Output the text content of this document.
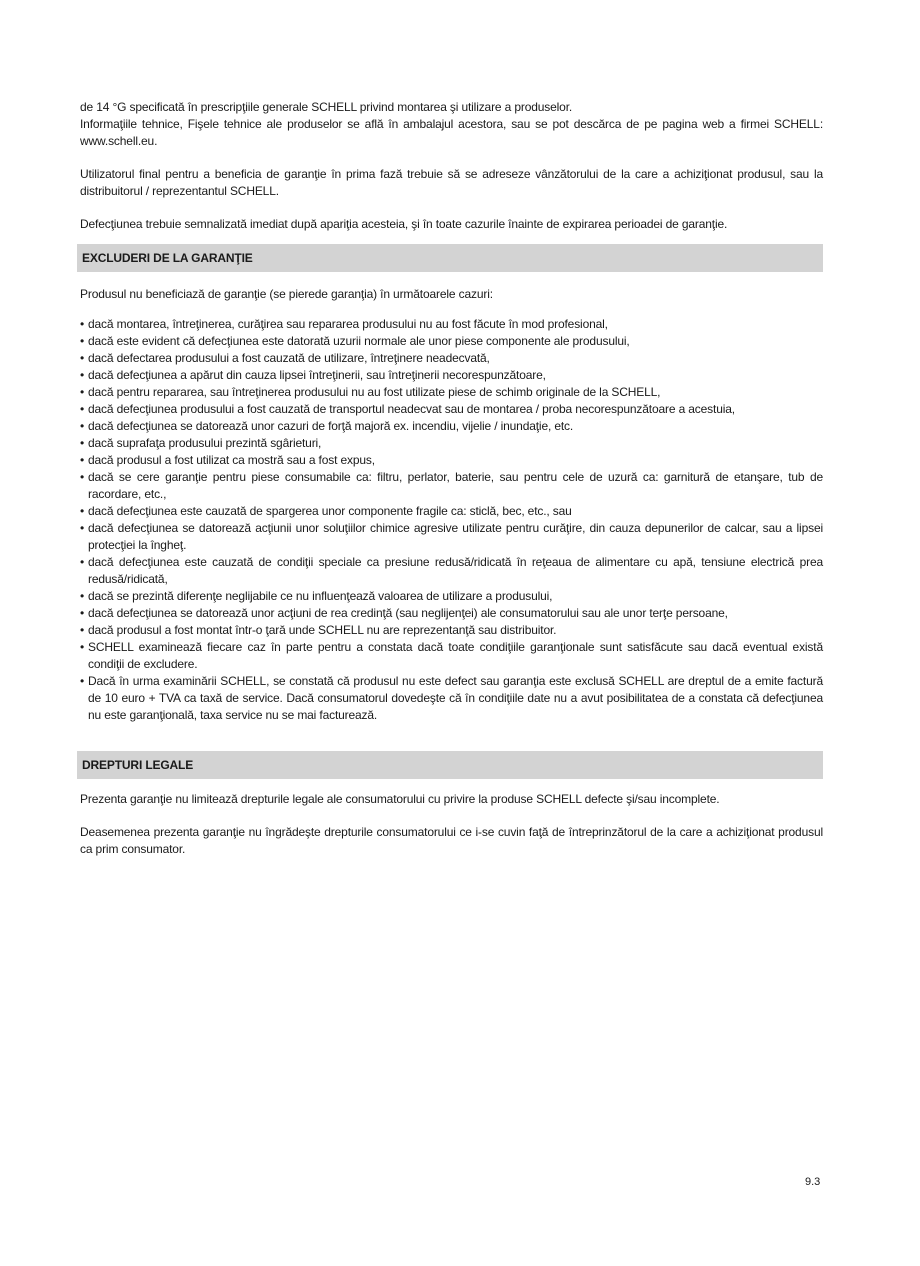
de 14 °G specificată în prescripţiile generale SCHELL privind montarea şi utilizare a produselor.

Informaţiile tehnice, Fişele tehnice ale produselor se află în ambalajul acestora, sau se pot descărca de pe pagina web a firmei SCHELL: www.schell.eu.

Utilizatorul final pentru a beneficia de garanţie în prima fază trebuie să se adreseze vânzătorului de la care a achiziţionat produsul, sau la distribuitorul / reprezentantul SCHELL.

Defecţiunea trebuie semnalizată imediat după apariţia acesteia, şi în toate cazurile înainte de expirarea perioadei de garanţie.

EXCLUDERI DE LA GARANŢIE

Produsul nu beneficiază de garanţie (se pierede garanţia) în următoarele cazuri:

• dacă montarea, întreţinerea, curăţirea sau repararea produsului nu au fost făcute în mod profesional,
• dacă este evident că defecţiunea este datorată uzurii normale ale unor piese componente ale produsului,
• dacă defectarea produsului a fost cauzată de utilizare, întreţinere neadecvată,
• dacă defecţiunea a apărut din cauza lipsei întreţinerii, sau întreţinerii necorespunzătoare,
• dacă pentru repararea, sau întreţinerea produsului nu au fost utilizate piese de schimb originale de la SCHELL,
• dacă defecţiunea produsului a fost cauzată de transportul neadecvat sau de montarea / proba necorespunzătoare a acestuia,
• dacă defecţiunea se datorează unor cazuri de forţă majoră ex. incendiu, vijelie / inundaţie, etc.
• dacă suprafaţa produsului prezintă sgârieturi,
• dacă produsul a fost utilizat ca mostră sau a fost expus,
• dacă se cere garanţie pentru piese consumabile ca: filtru, perlator, baterie, sau pentru cele de uzură ca: garnitură de etanşare, tub de racordare, etc.,
• dacă defecţiunea este cauzată de spargerea unor componente fragile ca: sticlă, bec, etc., sau
• dacă defecţiunea se datorează acţiunii unor soluţiilor chimice agresive utilizate pentru curăţire, din cauza depunerilor de calcar, sau a lipsei protecţiei la îngheţ.
• dacă defecţiunea este cauzată de condiţii speciale ca presiune redusă/ridicată în reţeaua de alimentare cu apă, tensiune electrică prea redusă/ridicată,
• dacă se prezintă diferenţe neglijabile ce nu influenţează valoarea de utilizare a produsului,
• dacă defecţiunea se datorează unor acţiuni de rea credinţă (sau neglijenţei) ale consumatorului sau ale unor terţe persoane,
• dacă produsul a fost montat într-o ţară unde SCHELL nu are reprezentanţă sau distribuitor.
• SCHELL examinează fiecare caz în parte pentru a constata dacă toate condiţiile garanţionale sunt satisfăcute sau dacă eventual există condiţii de excludere.
• Dacă în urma examinării SCHELL, se constată că produsul nu este defect sau garanţia este exclusă SCHELL are dreptul de a emite factură de 10 euro + TVA ca taxă de service. Dacă consumatorul dovedeşte că în condiţiile date nu a avut posibilitatea de a constata că defecţiunea nu este garanţională, taxa service nu se mai facturează.
DREPTURI LEGALE

Prezenta garanţie nu limitează drepturile legale ale consumatorului cu privire la produse SCHELL defecte şi/sau incomplete.

Deasemenea prezenta garanţie nu îngrădeşte drepturile consumatorului ce i-se cuvin faţă de întreprinzătorul de la care a achiziţionat produsul ca prim consumator.

9.3
